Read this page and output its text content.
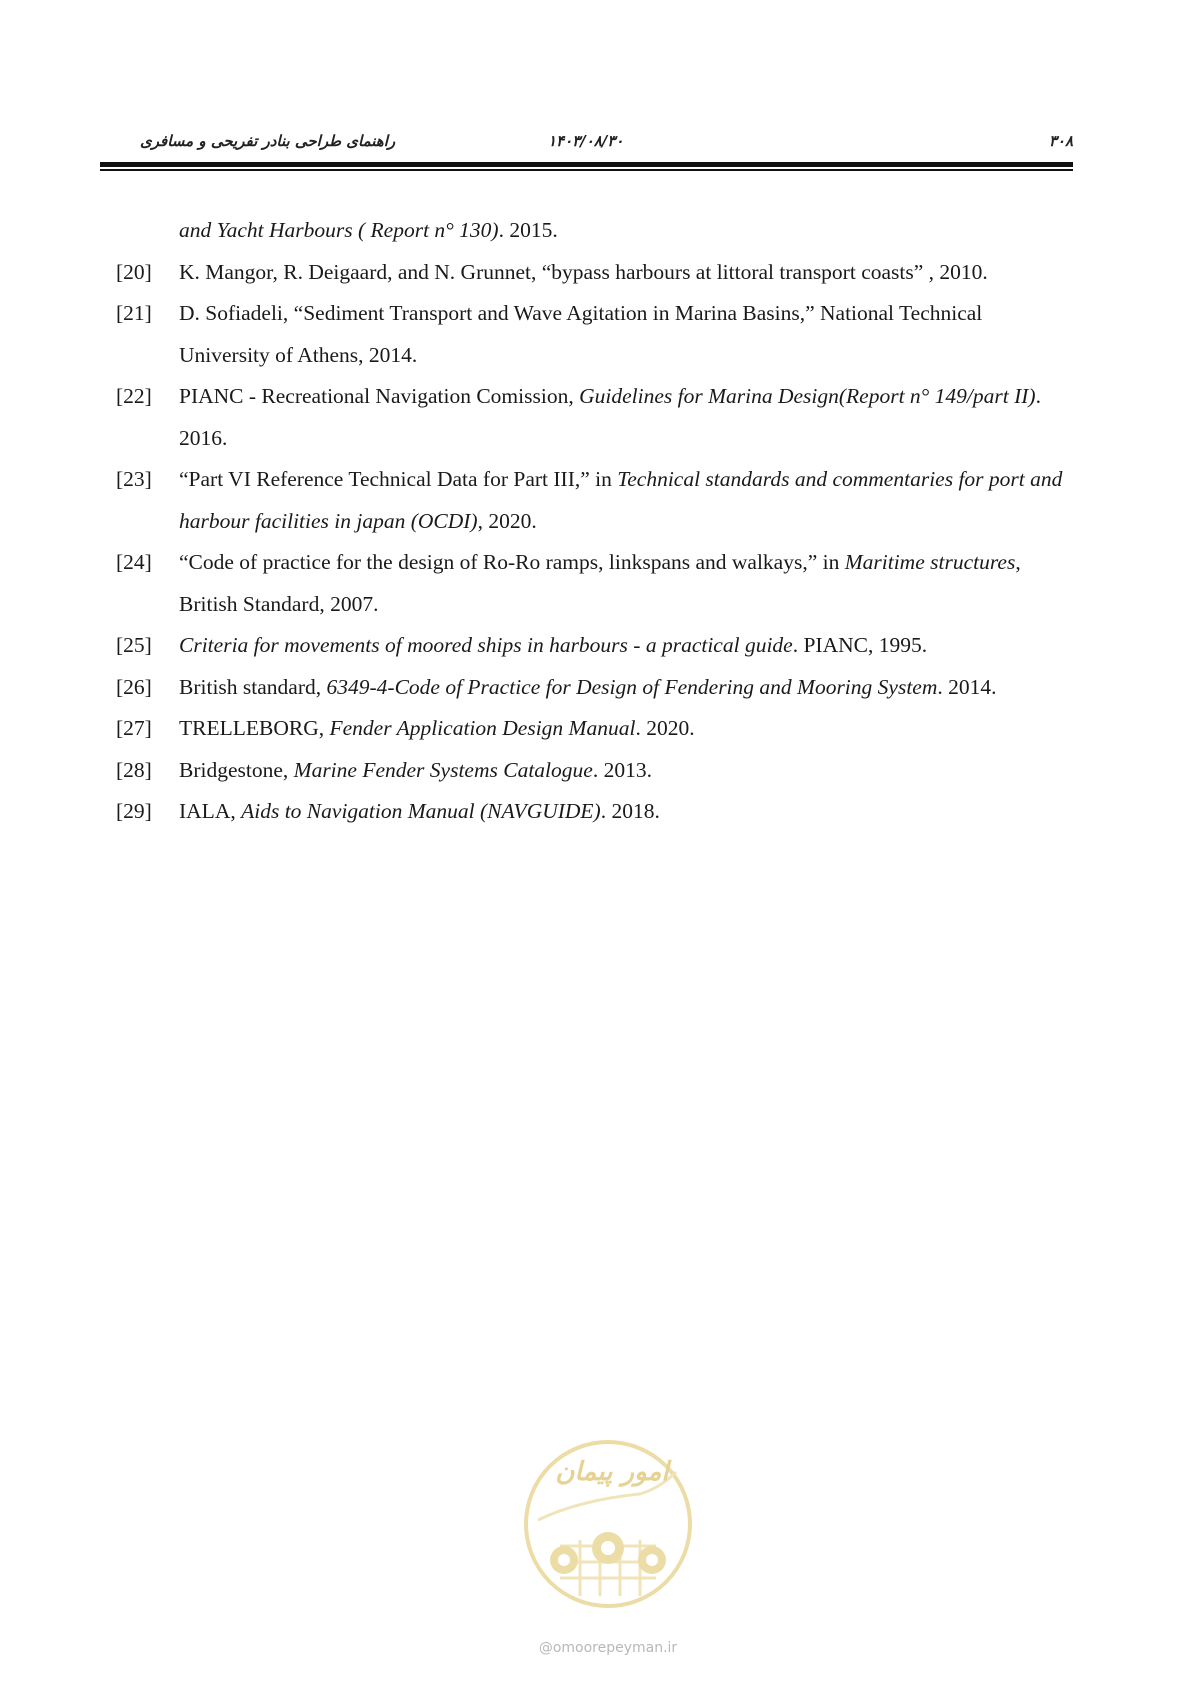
راهنمای طراحی بنادر تفریحی و مسافری	۱۴۰۳/۰۸/۳۰	۳۰۸

and Yacht Harbours ( Report n° 130). 2015.

[20] K. Mangor, R. Deigaard, and N. Grunnet, “bypass harbours at littoral transport coasts” , 2010.

[21] D. Sofiadeli, “Sediment Transport and Wave Agitation in Marina Basins,” National Technical University of Athens, 2014.

[22] PIANC - Recreational Navigation Comission, Guidelines for Marina Design(Report n° 149/part II). 2016.

[23] “Part VI Reference Technical Data for Part III,” in Technical standards and commentaries for port and harbour facilities in japan (OCDI), 2020.

[24] “Code of practice for the design of Ro-Ro ramps, linkspans and walkays,” in Maritime structures, British Standard, 2007.

[25] Criteria for movements of moored ships in harbours - a practical guide. PIANC, 1995.

[26] British standard, 6349-4-Code of Practice for Design of Fendering and Mooring System. 2014.

[27] TRELLEBORG, Fender Application Design Manual. 2020.

[28] Bridgestone, Marine Fender Systems Catalogue. 2013.

[29] IALA, Aids to Navigation Manual (NAVGUIDE). 2018.

امور پیمان
@omoorepeyman.ir
